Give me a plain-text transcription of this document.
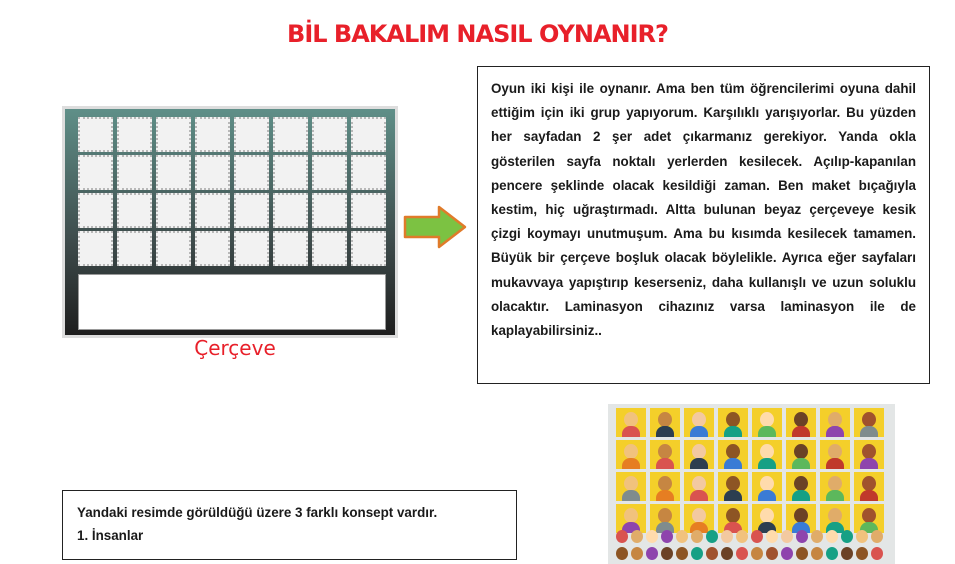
BİL BAKALIM NASIL OYNANIR?
Çerçeve

Oyun iki kişi ile oynanır. Ama ben tüm öğrencilerimi oyuna dahil ettiğim için iki grup yapıyorum. Karşılıklı yarışıyorlar. Bu yüzden her sayfadan 2 şer adet çıkarmanız gerekiyor. Yanda okla gösterilen sayfa noktalı yerlerden kesilecek. Açılıp-kapanılan pencere şeklinde olacak kesildiği zaman. Ben maket bıçağıyla kestim, hiç uğraştırmadı. Altta bulunan beyaz çerçeveye kesik çizgi koymayı unutmuşum. Ama bu kısımda kesilecek tamamen. Büyük bir çerçeve boşluk olacak böylelikle. Ayrıca eğer sayfaları mukavvaya yapıştırıp keserseniz, daha kullanışlı ve uzun soluklu olacaktır. Laminasyon cihazınız varsa laminasyon ile de kaplayabilirsiniz..

Yandaki resimde görüldüğü üzere 3 farklı konsept vardır.
1. İnsanlar
